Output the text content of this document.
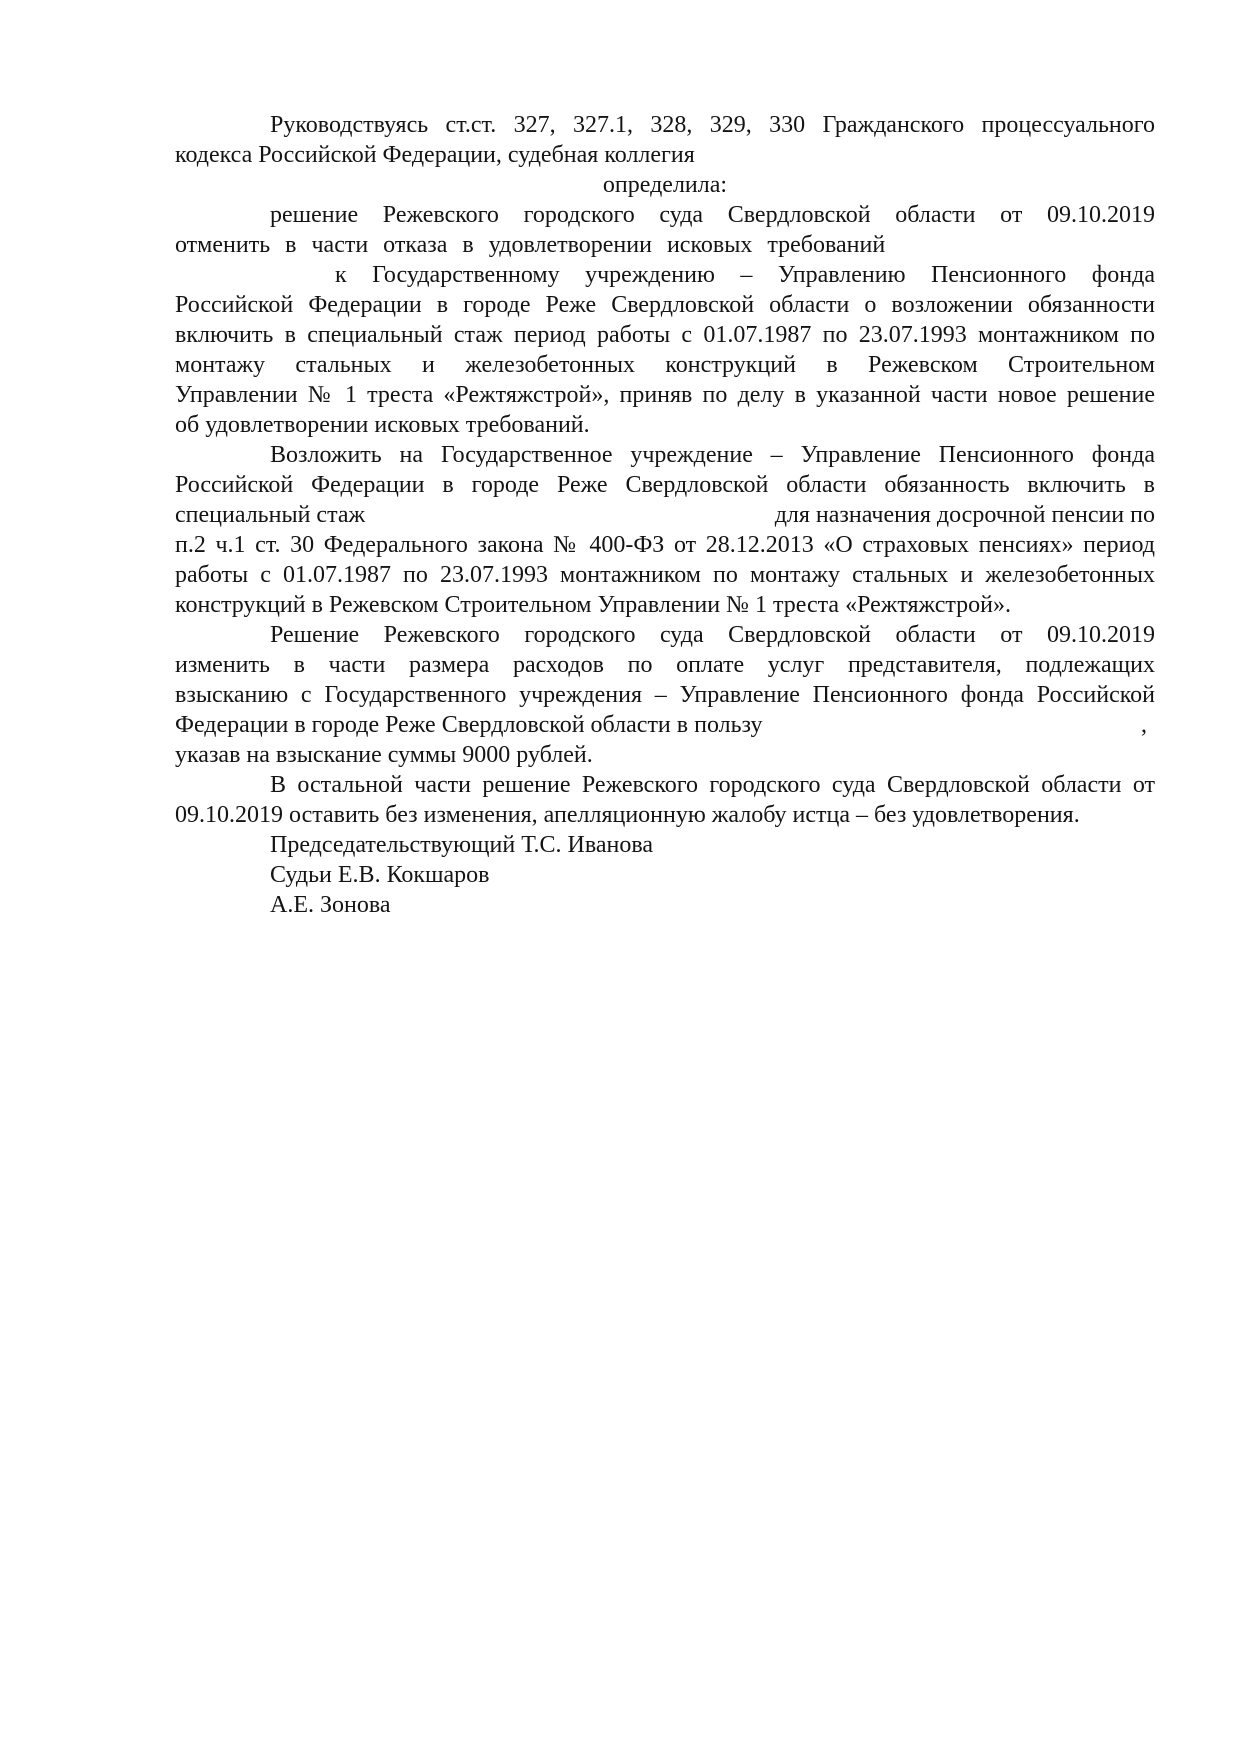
Руководствуясь ст.ст. 327, 327.1, 328, 329, 330 Гражданского процессуального
кодекса Российской Федерации, судебная коллегия
определила:
решение Режевского городского суда Свердловской области от 09.10.2019
отменить в части отказа в удовлетворении исковых требований
к Государственному учреждению – Управлению Пенсионного фонда
Российской Федерации в городе Реже Свердловской области о возложении обязанности
включить в специальный стаж период работы с 01.07.1987 по 23.07.1993 монтажником по
монтажу стальных и железобетонных конструкций в Режевском Строительном
Управлении № 1 треста «Режтяжстрой», приняв по делу в указанной части новое решение
об удовлетворении исковых требований.
Возложить на Государственное учреждение – Управление Пенсионного фонда
Российской Федерации в городе Реже Свердловской области обязанность включить в
специальный стаж	для назначения досрочной пенсии по
п.2 ч.1 ст. 30 Федерального закона № 400-ФЗ от 28.12.2013 «О страховых пенсиях» период
работы с 01.07.1987 по 23.07.1993 монтажником по монтажу стальных и железобетонных
конструкций в Режевском Строительном Управлении № 1 треста «Режтяжстрой».
Решение Режевского городского суда Свердловской области от 09.10.2019
изменить в части размера расходов по оплате услуг представителя, подлежащих
взысканию с Государственного учреждения – Управление Пенсионного фонда Российской
Федерации в городе Реже Свердловской области в пользу	,
указав на взыскание суммы 9000 рублей.
В остальной части решение Режевского городского суда Свердловской области от
09.10.2019 оставить без изменения, апелляционную жалобу истца – без удовлетворения.
Председательствующий Т.С. Иванова
Судьи Е.В. Кокшаров
А.Е. Зонова
